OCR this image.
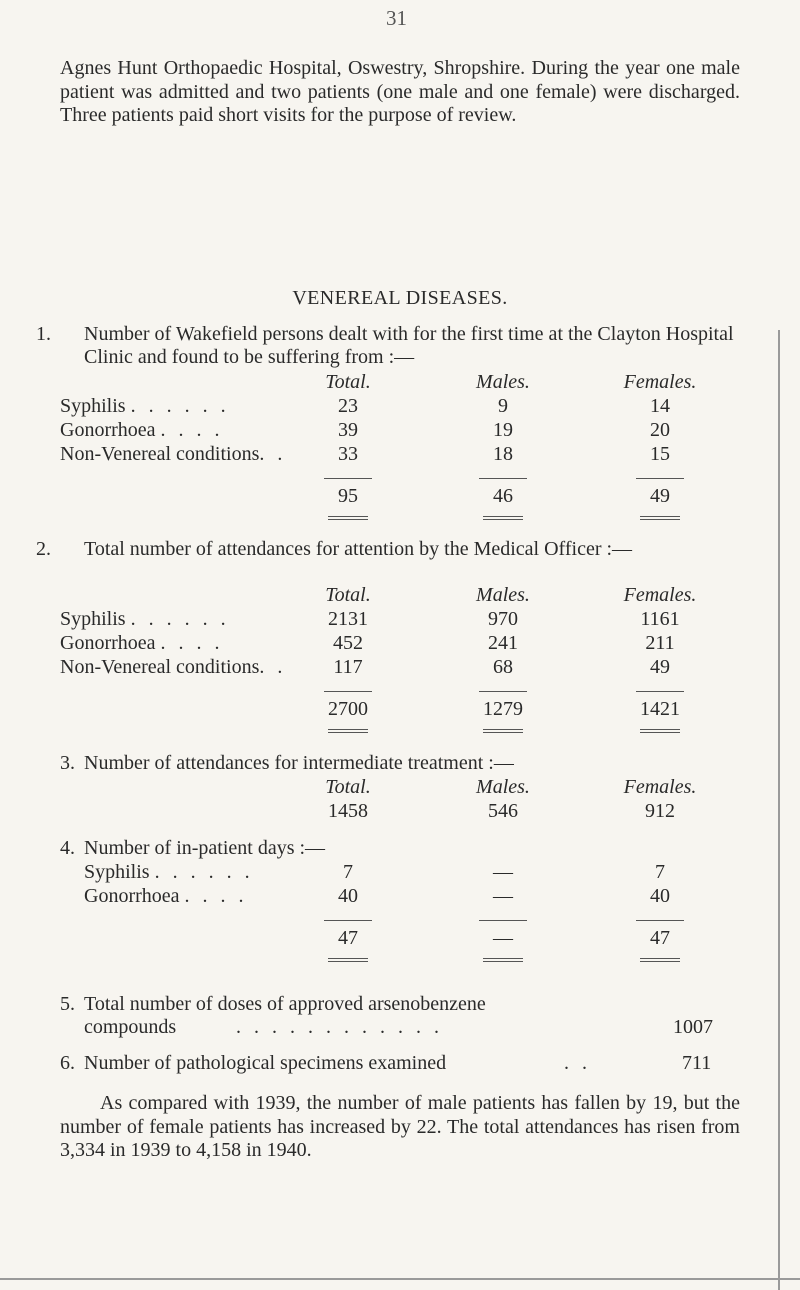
31
Agnes Hunt Orthopaedic Hospital, Oswestry, Shropshire. During the year one male patient was admitted and two patients (one male and one female) were discharged. Three patients paid short visits for the purpose of review.
VENEREAL DISEASES.
1. Number of Wakefield persons dealt with for the first time at the Clayton Hospital Clinic and found to be suffering from :—
Total.	Males.	Females.
Syphilis . . . . . .	23	9	14
Gonorrhoea . . . .	39	19	20
Non-Venereal conditions. .	33	18	15
95	46	49
2. Total number of attendances for attention by the Medical Officer :—
Total.	Males.	Females.
Syphilis . . . . . .	2131	970	1161
Gonorrhoea . . . .	452	241	211
Non-Venereal conditions. .	117	68	49
2700	1279	1421
3. Number of attendances for intermediate treatment :—
Total.	Males.	Females.
1458	546	912
4. Number of in-patient days :—
Syphilis . . . . . .	7	—	7
Gonorrhoea . . . .	40	—	40
47	—	47
5. Total number of doses of approved arsenobenzene
compounds	. . . . . . . . . . . .	1007
6. Number of pathological specimens examined	. .	711
As compared with 1939, the number of male patients has fallen by 19, but the number of female patients has increased by 22. The total attendances has risen from 3,334 in 1939 to 4,158 in 1940.
